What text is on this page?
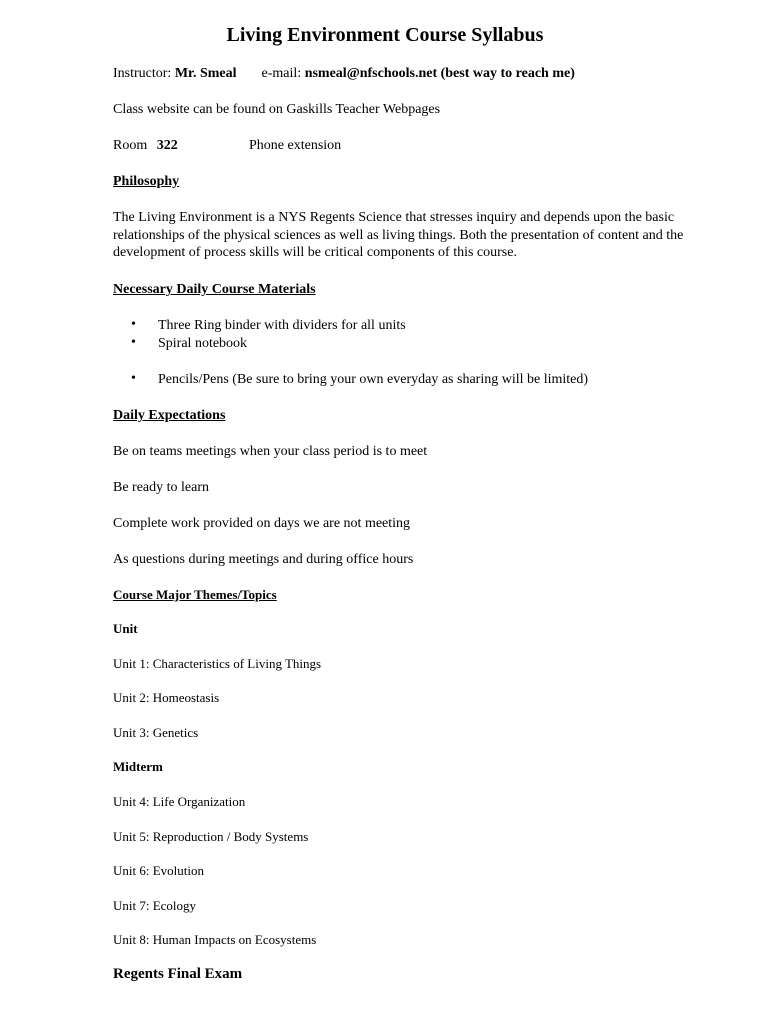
Living Environment Course Syllabus
Instructor: Mr. Smeal e-mail: nsmeal@nfschools.net (best way to reach me)
Class website can be found on Gaskills Teacher Webpages
Room 322	Phone extension
Philosophy
The Living Environment is a NYS Regents Science that stresses inquiry and depends upon the basic relationships of the physical sciences as well as living things. Both the presentation of content and the development of process skills will be critical components of this course.
Necessary Daily Course Materials
• Three Ring binder with dividers for all units
• Spiral notebook
• Pencils/Pens (Be sure to bring your own everyday as sharing will be limited)
Daily Expectations
Be on teams meetings when your class period is to meet
Be ready to learn
Complete work provided on days we are not meeting
As questions during meetings and during office hours
Course Major Themes/Topics
Unit
Unit 1: Characteristics of Living Things
Unit 2: Homeostasis
Unit 3: Genetics
Midterm
Unit 4: Life Organization
Unit 5: Reproduction / Body Systems
Unit 6: Evolution
Unit 7: Ecology
Unit 8: Human Impacts on Ecosystems
Regents Final Exam
